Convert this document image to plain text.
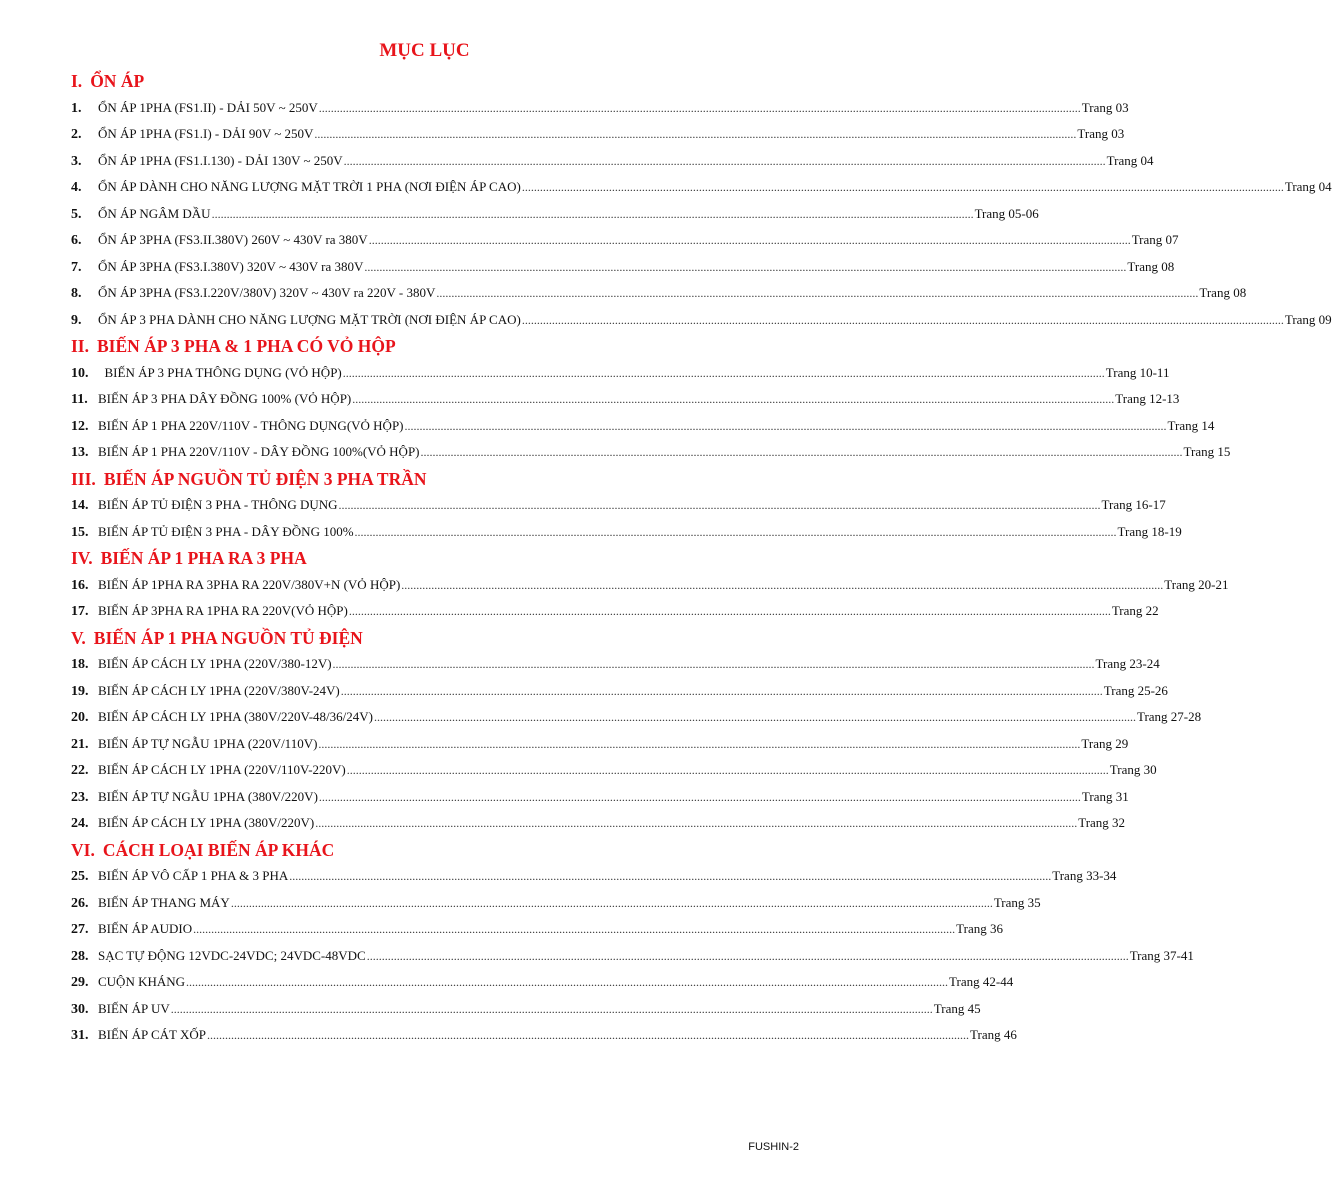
MỤC LỤC
I. ỔN ÁP
1.	ỔN ÁP 1PHA (FS1.II) - DẢI 50V ~ 250V .....	Trang 03
2.	ỔN ÁP 1PHA (FS1.I) - DẢI 90V ~ 250V .....	Trang 03
3.	ỔN ÁP 1PHA (FS1.I.130) - DẢI 130V ~ 250V .....	Trang 04
4.	ỔN ÁP DÀNH CHO NĂNG LƯỢNG MẶT TRỜI 1 PHA (NƠI ĐIỆN ÁP CAO) .....	Trang 04
5.	ỔN ÁP NGÂM DẦU .....	Trang 05-06
6.	ỔN ÁP 3PHA (FS3.II.380V) 260V ~ 430V ra 380V .....	Trang 07
7.	ỔN ÁP 3PHA (FS3.I.380V) 320V ~ 430V ra 380V .....	Trang 08
8.	ỔN ÁP 3PHA (FS3.I.220V/380V) 320V ~ 430V ra 220V - 380V .....	Trang 08
9.	ỔN ÁP 3 PHA DÀNH CHO NĂNG LƯỢNG MẶT TRỜI (NƠI ĐIỆN ÁP CAO) .....	Trang 09
II. BIẾN ÁP 3 PHA & 1 PHA CÓ VỎ HỘP
10. BIẾN ÁP 3 PHA THÔNG DỤNG (VỎ HỘP) .....	Trang 10-11
11. BIẾN ÁP 3 PHA DÂY ĐỒNG 100% (VỎ HỘP) .....	Trang 12-13
12. BIẾN ÁP 1 PHA 220V/110V - THÔNG DỤNG(VỎ HỘP) .....	Trang 14
13. BIẾN ÁP 1 PHA 220V/110V - DÂY ĐỒNG 100%(VỎ HỘP) .....	Trang 15
III. BIẾN ÁP NGUỒN TỦ ĐIỆN 3 PHA TRẦN
14. BIẾN ÁP TỦ ĐIỆN 3 PHA - THÔNG DỤNG .....	Trang 16-17
15. BIẾN ÁP TỦ ĐIỆN 3 PHA - DÂY ĐỒNG 100% .....	Trang 18-19
IV. BIẾN ÁP 1 PHA RA 3 PHA
16. BIẾN ÁP 1PHA RA 3PHA RA 220V/380V+N (VỎ HỘP) .....	Trang 20-21
17. BIẾN ÁP 3PHA RA 1PHA RA 220V(VỎ HỘP) .....	Trang 22
V. BIẾN ÁP 1 PHA NGUỒN TỦ ĐIỆN
18. BIẾN ÁP CÁCH LY 1PHA (220V/380-12V) .....	Trang 23-24
19. BIẾN ÁP CÁCH LY 1PHA (220V/380V-24V) .....	Trang 25-26
20. BIẾN ÁP CÁCH LY 1PHA (380V/220V-48/36/24V) .....	Trang 27-28
21. BIẾN ÁP TỰ NGẪU 1PHA (220V/110V) .....	Trang 29
22. BIẾN ÁP CÁCH LY 1PHA (220V/110V-220V) .....	Trang 30
23. BIẾN ÁP TỰ NGẪU 1PHA (380V/220V) .....	Trang 31
24. BIẾN ÁP CÁCH LY 1PHA (380V/220V) .....	Trang 32
VI. CÁCH LOẠI BIẾN ÁP KHÁC
25. BIẾN ÁP VÔ CẤP 1 PHA & 3 PHA .....	Trang 33-34
26. BIẾN ÁP THANG MÁY .....	Trang 35
27. BIẾN ÁP AUDIO .....	Trang 36
28. SẠC TỰ ĐỘNG 12VDC-24VDC; 24VDC-48VDC .....	Trang 37-41
29. CUỘN KHÁNG .....	Trang 42-44
30. BIẾN ÁP UV .....	Trang 45
31. BIẾN ÁP CÁT XỐP .....	Trang 46
FUSHIN-2
